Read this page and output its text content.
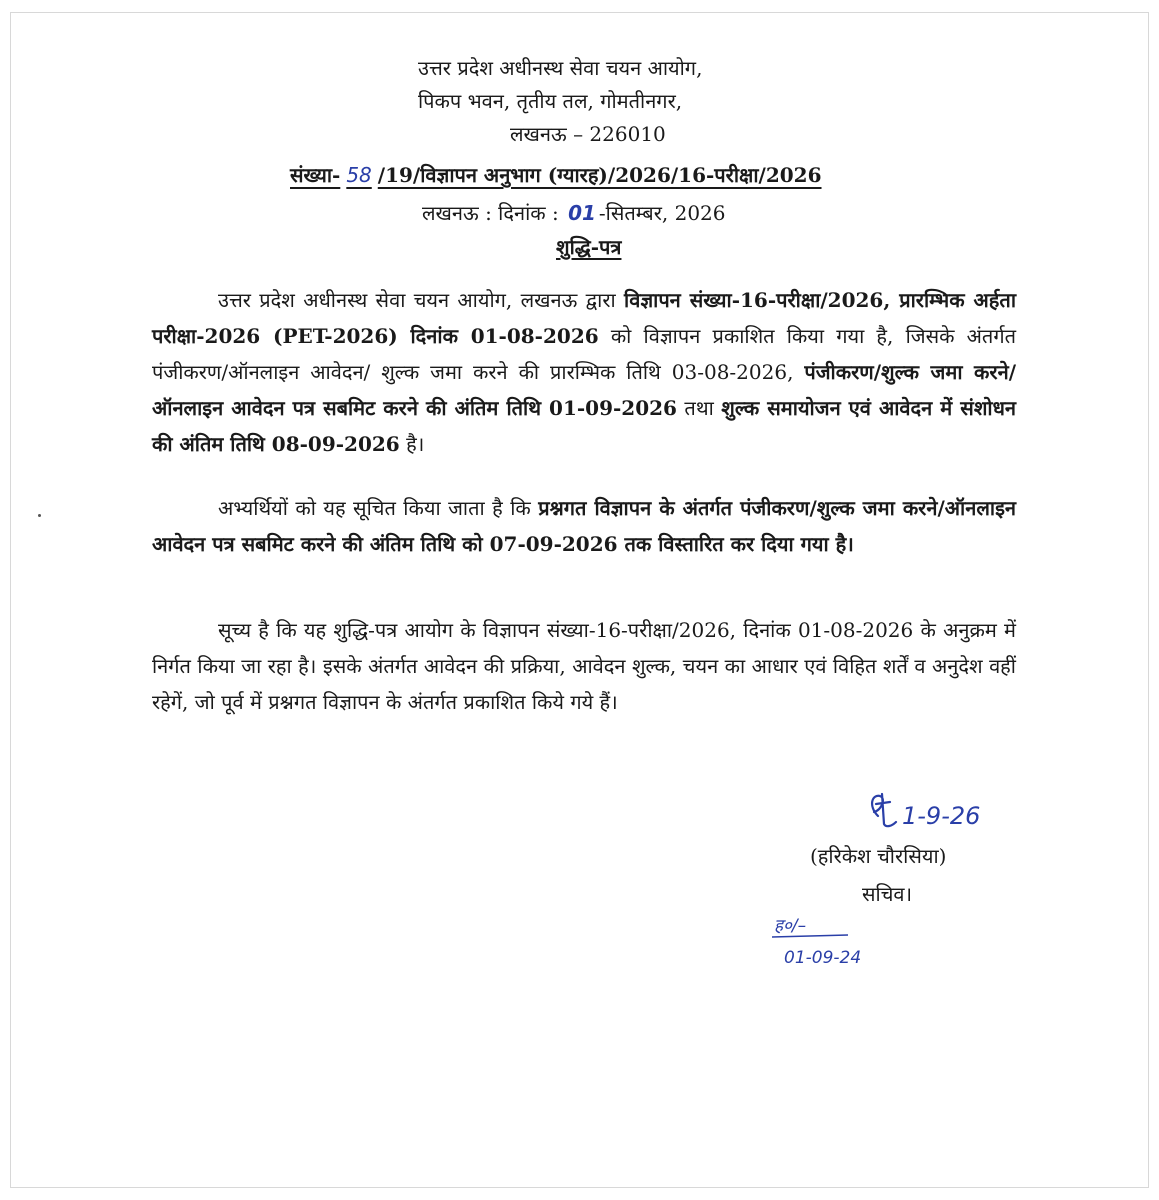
उत्तर प्रदेश अधीनस्थ सेवा चयन आयोग,
पिकप भवन, तृतीय तल, गोमतीनगर,
लखनऊ – 226010
संख्या- 58 /19/विज्ञापन अनुभाग (ग्यारह)/2026/16-परीक्षा/2026
लखनऊ : दिनांक : 01 -सितम्बर, 2026
शुद्धि-पत्र
उत्तर प्रदेश अधीनस्थ सेवा चयन आयोग, लखनऊ द्वारा विज्ञापन संख्या-16-परीक्षा/2026, प्रारम्भिक अर्हता परीक्षा-2026 (PET-2026) दिनांक 01-08-2026 को विज्ञापन प्रकाशित किया गया है, जिसके अंतर्गत पंजीकरण/ऑनलाइन आवेदन/ शुल्क जमा करने की प्रारम्भिक तिथि 03-08-2026, पंजीकरण/शुल्क जमा करने/ऑनलाइन आवेदन पत्र सबमिट करने की अंतिम तिथि 01-09-2026 तथा शुल्क समायोजन एवं आवेदन में संशोधन की अंतिम तिथि 08-09-2026 है।
अभ्यर्थियों को यह सूचित किया जाता है कि प्रश्नगत विज्ञापन के अंतर्गत पंजीकरण/शुल्क जमा करने/ऑनलाइन आवेदन पत्र सबमिट करने की अंतिम तिथि को 07-09-2026 तक विस्तारित कर दिया गया है।
सूच्य है कि यह शुद्धि-पत्र आयोग के विज्ञापन संख्या-16-परीक्षा/2026, दिनांक 01-08-2026 के अनुक्रम में निर्गत किया जा रहा है। इसके अंतर्गत आवेदन की प्रक्रिया, आवेदन शुल्क, चयन का आधार एवं विहित शर्तें व अनुदेश वहीं रहेगें, जो पूर्व में प्रश्नगत विज्ञापन के अंतर्गत प्रकाशित किये गये हैं।
1-9-26
(हरिकेश चौरसिया)
सचिव।
ह०/–
01-09-24
